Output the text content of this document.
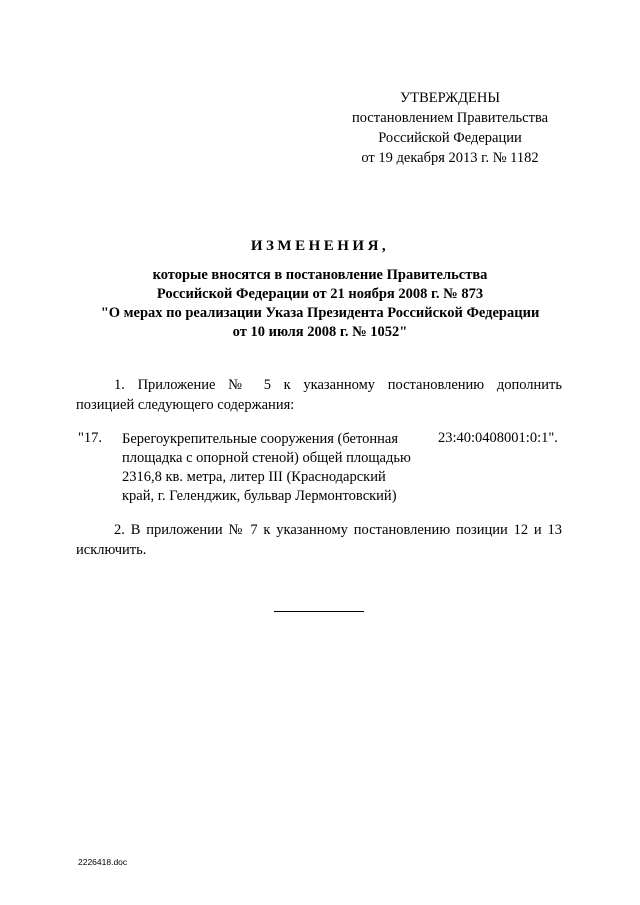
УТВЕРЖДЕНЫ
постановлением Правительства
Российской Федерации
от 19 декабря 2013 г. № 1182
ИЗМЕНЕНИЯ,
которые вносятся в постановление Правительства
Российской Федерации от 21 ноября 2008 г. № 873
"О мерах по реализации Указа Президента Российской Федерации
от 10 июля 2008 г. № 1052"
1. Приложение № 5 к указанному постановлению дополнить
позицией следующего содержания:
"17. Берегоукрепительные сооружения (бетонная
площадка с опорной стеной) общей площадью
2316,8 кв. метра, литер III (Краснодарский
край, г. Геленджик, бульвар Лермонтовский)
23:40:0408001:0:1".
2. В приложении № 7 к указанному постановлению позиции 12 и 13
исключить.
2226418.doc
